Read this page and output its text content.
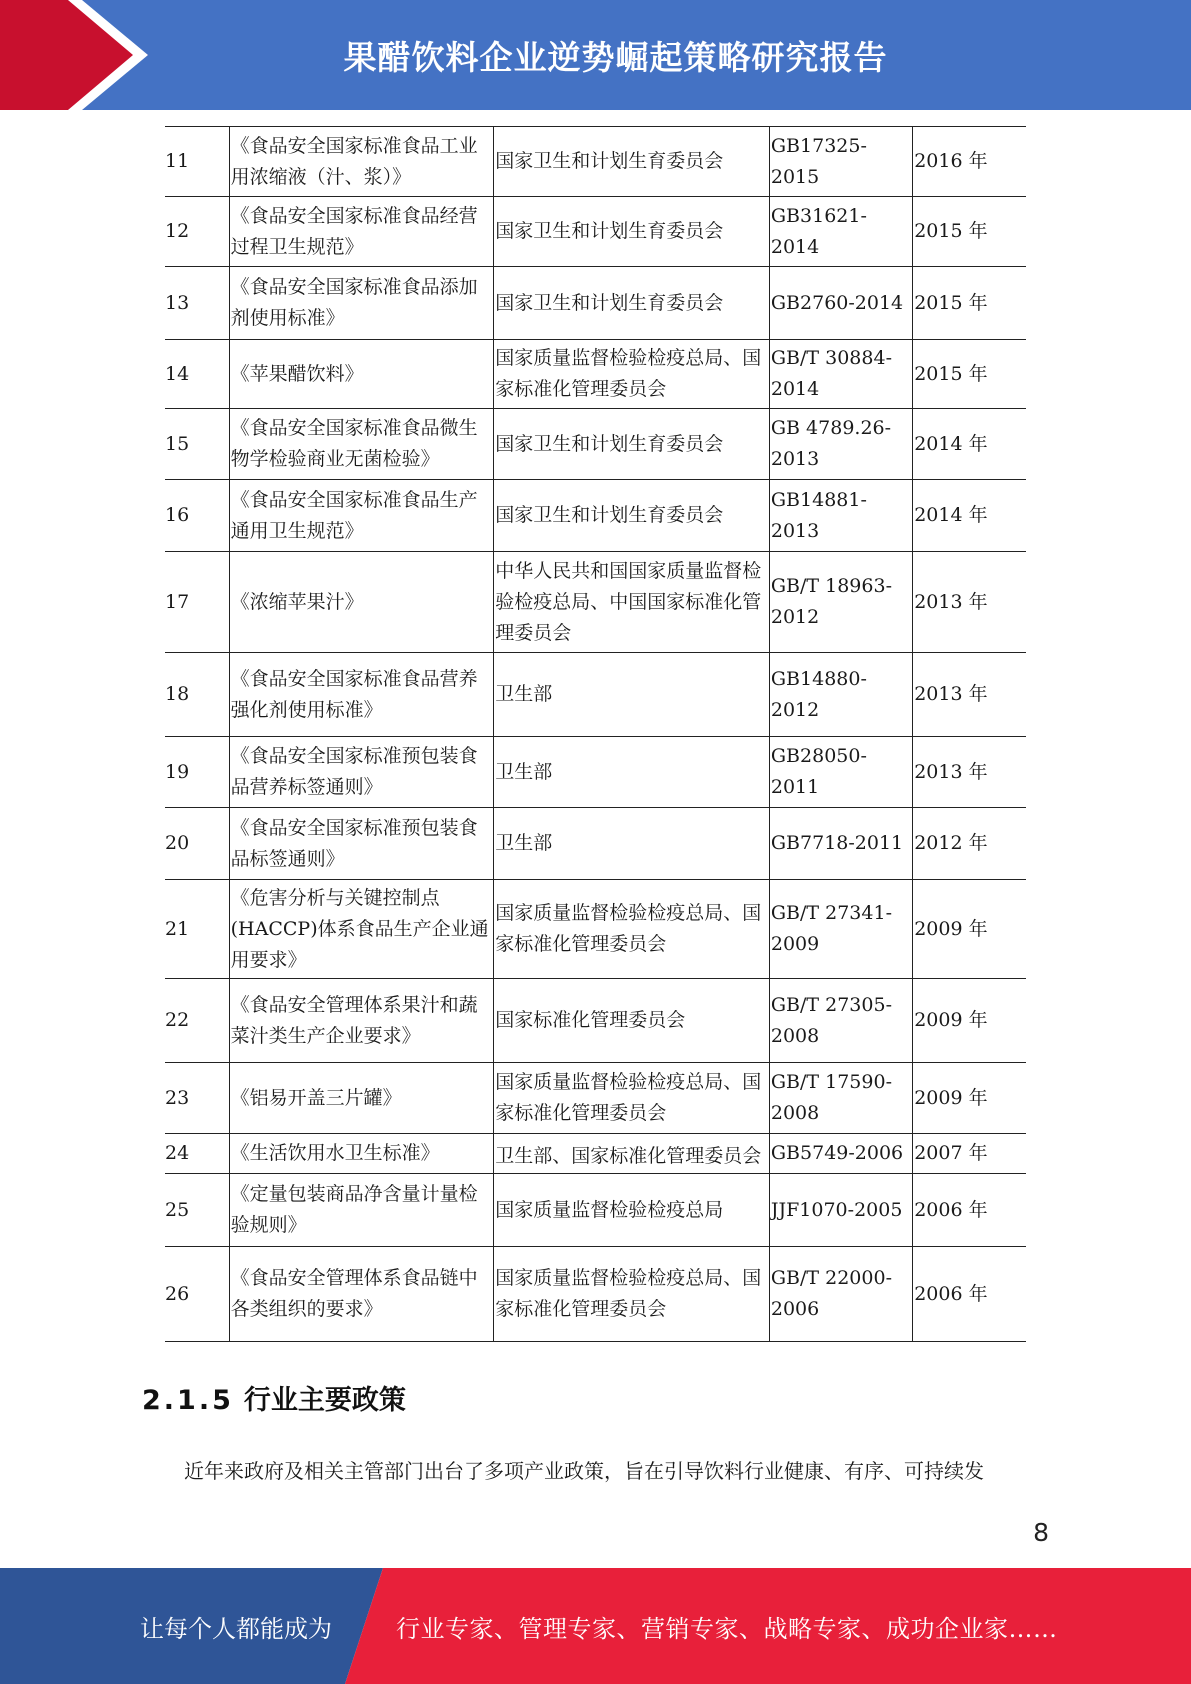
果醋饮料企业逆势崛起策略研究报告
11	《食品安全国家标准食品工业用浓缩液（汁、浆）》	国家卫生和计划生育委员会	GB17325-2015	2016 年
12	《食品安全国家标准食品经营过程卫生规范》	国家卫生和计划生育委员会	GB31621-2014	2015 年
13	《食品安全国家标准食品添加剂使用标准》	国家卫生和计划生育委员会	GB2760-2014	2015 年
14	《苹果醋饮料》	国家质量监督检验检疫总局、国家标准化管理委员会	GB/T 30884-2014	2015 年
15	《食品安全国家标准食品微生物学检验商业无菌检验》	国家卫生和计划生育委员会	GB 4789.26-2013	2014 年
16	《食品安全国家标准食品生产通用卫生规范》	国家卫生和计划生育委员会	GB14881-2013	2014 年
17	《浓缩苹果汁》	中华人民共和国国家质量监督检验检疫总局、中国国家标准化管理委员会	GB/T 18963-2012	2013 年
18	《食品安全国家标准食品营养强化剂使用标准》	卫生部	GB14880-2012	2013 年
19	《食品安全国家标准预包装食品营养标签通则》	卫生部	GB28050-2011	2013 年
20	《食品安全国家标准预包装食品标签通则》	卫生部	GB7718-2011	2012 年
21	《危害分析与关键控制点(HACCP)体系食品生产企业通用要求》	国家质量监督检验检疫总局、国家标准化管理委员会	GB/T 27341-2009	2009 年
22	《食品安全管理体系果汁和蔬菜汁类生产企业要求》	国家标准化管理委员会	GB/T 27305-2008	2009 年
23	《铝易开盖三片罐》	国家质量监督检验检疫总局、国家标准化管理委员会	GB/T 17590-2008	2009 年
24	《生活饮用水卫生标准》	卫生部、国家标准化管理委员会	GB5749-2006	2007 年
25	《定量包装商品净含量计量检验规则》	国家质量监督检验检疫总局	JJF1070-2005	2006 年
26	《食品安全管理体系食品链中各类组织的要求》	国家质量监督检验检疫总局、国家标准化管理委员会	GB/T 22000-2006	2006 年
2.1.5 行业主要政策
近年来政府及相关主管部门出台了多项产业政策，旨在引导饮料行业健康、有序、可持续发
8
让每个人都能成为	行业专家、管理专家、营销专家、战略专家、成功企业家……
